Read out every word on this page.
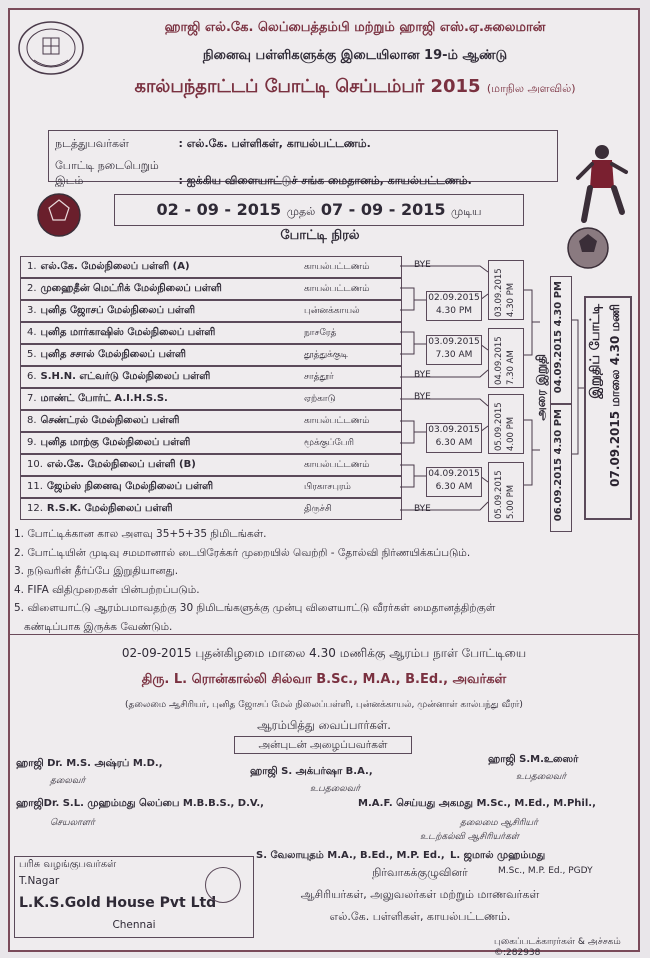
ஹாஜி எல்.கே. லெப்பைத்தம்பி மற்றும் ஹாஜி எஸ்.ஏ.சுலைமான்
நினைவு பள்ளிகளுக்கு இடையிலான 19-ம் ஆண்டு
கால்பந்தாட்டப் போட்டி செப்டம்பர் 2015 (மாநில அளவில்)
நடத்துபவர்கள்	: எல்.கே. பள்ளிகள், காயல்பட்டணம்.
போட்டி நடைபெறும் இடம்	: ஐக்கிய விளையாட்டுச் சங்க மைதானம், காயல்பட்டணம்.
02 - 09 - 2015 முதல் 07 - 09 - 2015 முடிய
போட்டி நிரல்
1. எல்.கே. மேல்நிலைப் பள்ளி (A)	காயல்பட்டணம்
2. முஹைதீன் மெட்ரிக் மேல்நிலைப் பள்ளி	காயல்பட்டணம்
3. புனித ஜோசப் மேல்நிலைப் பள்ளி	புன்னக்காயல்
4. புனித மார்காஷிஸ் மேல்நிலைப் பள்ளி	நாசரேத்
5. புனித சசால் மேல்நிலைப் பள்ளி	தூத்துக்குடி
6. S.H.N. எட்வர்டு மேல்நிலைப் பள்ளி	சாத்தூர்
7. மாண்ட் போர்ட் A.I.H.S.S.	ஏற்காடு
8. செண்ட்ரல் மேல்நிலைப் பள்ளி	காயல்பட்டணம்
9. புனித மாற்கு மேல்நிலைப் பள்ளி	மூக்குப்பேரி
10. எல்.கே. மேல்நிலைப் பள்ளி (B)	காயல்பட்டணம்
11. ஜேம்ஸ் நினைவு மேல்நிலைப் பள்ளி	பிரகாசபுரம்
12. R.S.K. மேல்நிலைப் பள்ளி	திருச்சி
BYE
BYE
BYE
BYE
02.09.2015
4.30 PM
03.09.2015
7.30 AM
03.09.2015
6.30 AM
04.09.2015
6.30 AM
03.09.2015 4.30 PM
04.09.2015 7.30 AM
05.09.2015 4.00 PM
05.09.2015 5.00 PM
அரை இறுதி 04.09.2015 4.30 PM
06.09.2015 4.30 PM
இறுதிப் போட்டி 07.09.2015 மாலை 4.30 மணி
1. போட்டிக்கான கால அளவு 35+5+35 நிமிடங்கள்.
2. போட்டியின் முடிவு சமமானால் டைபிரேக்கர் முறையில் வெற்றி - தோல்வி நிர்ணயிக்கப்படும்.
3. நடுவரின் தீர்ப்பே இறுதியானது.
4. FIFA விதிமுறைகள் பின்பற்றப்படும்.
5. விளையாட்டு ஆரம்பமாவதற்கு 30 நிமிடங்களுக்கு முன்பு விளையாட்டு வீரர்கள் மைதானத்திற்குள்
கண்டிப்பாக இருக்க வேண்டும்.
02-09-2015 புதன்கிழமை மாலை 4.30 மணிக்கு ஆரம்ப நாள் போட்டியை
திரு. L. ரொன்கால்லி சில்வா B.Sc., M.A., B.Ed., அவர்கள்
(தலைமை ஆசிரியர், புனித ஜோசப் மேல் நிலைப்பள்ளி, புன்னக்காயல், முன்னாள் கால்பந்து வீரர்)
ஆரம்பித்து வைப்பார்கள்.
அன்புடன் அழைப்பவர்கள்
ஹாஜி Dr. M.S. அஷ்ரப் M.D.,
தலைவர்
ஹாஜி S. அக்பர்ஷா B.A.,
உபதலைவர்
ஹாஜி S.M.உஸைர்
உபதலைவர்
ஹாஜிDr. S.L. முஹம்மது லெப்பை M.B.B.S., D.V.,
செயலாளர்
M.A.F. செய்யது அகமது M.Sc., M.Ed., M.Phil.,
தலைமை ஆசிரியர்
உடற்கல்வி ஆசிரியர்கள்
S. வேலாயுதம் M.A., B.Ed., M.P. Ed., L. ஜமால் முஹம்மது
M.Sc., M.P. Ed., PGDY
பரிசு வழங்குபவர்கள்
T.Nagar
L.K.S.Gold House Pvt Ltd
Chennai
நிர்வாகக்குழுவினர்
ஆசிரியர்கள், அலுவலர்கள் மற்றும் மாணவர்கள்
எல்.கே. பள்ளிகள், காயல்பட்டணம்.
புகைப்படக்காரர்கள் & அச்சகம் ©:282938
